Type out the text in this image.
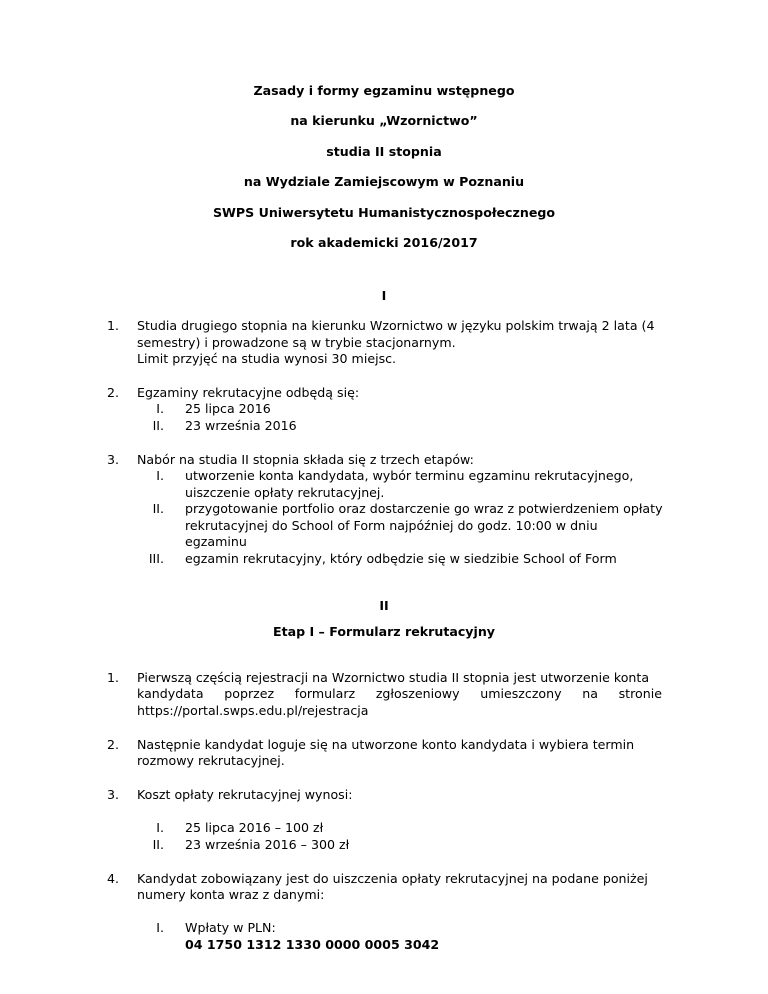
Zasady i formy egzaminu wstępnego
na kierunku „Wzornictwo”
studia II stopnia
na Wydziale Zamiejscowym w Poznaniu
SWPS Uniwersytetu Humanistycznospołecznego
rok akademicki 2016/2017
I
1. Studia drugiego stopnia na kierunku Wzornictwo w języku polskim trwają 2 lata (4
semestry) i prowadzone są w trybie stacjonarnym.
Limit przyjęć na studia wynosi 30 miejsc.
2. Egzaminy rekrutacyjne odbędą się:
I. 25 lipca 2016
II. 23 września 2016
3. Nabór na studia II stopnia składa się z trzech etapów:
I. utworzenie konta kandydata, wybór terminu egzaminu rekrutacyjnego,
uiszczenie opłaty rekrutacyjnej.
II. przygotowanie portfolio oraz dostarczenie go wraz z potwierdzeniem opłaty
rekrutacyjnej do School of Form najpóźniej do godz. 10:00 w dniu
egzaminu
III. egzamin rekrutacyjny, który odbędzie się w siedzibie School of Form
II
Etap I – Formularz rekrutacyjny
1. Pierwszą częścią rejestracji na Wzornictwo studia II stopnia jest utworzenie konta
kandydata poprzez formularz zgłoszeniowy umieszczony na stronie
https://portal.swps.edu.pl/rejestracja
2. Następnie kandydat loguje się na utworzone konto kandydata i wybiera termin
rozmowy rekrutacyjnej.
3. Koszt opłaty rekrutacyjnej wynosi:
I. 25 lipca 2016 – 100 zł
II. 23 września 2016 – 300 zł
4. Kandydat zobowiązany jest do uiszczenia opłaty rekrutacyjnej na podane poniżej
numery konta wraz z danymi:
I. Wpłaty w PLN:
04 1750 1312 1330 0000 0005 3042
